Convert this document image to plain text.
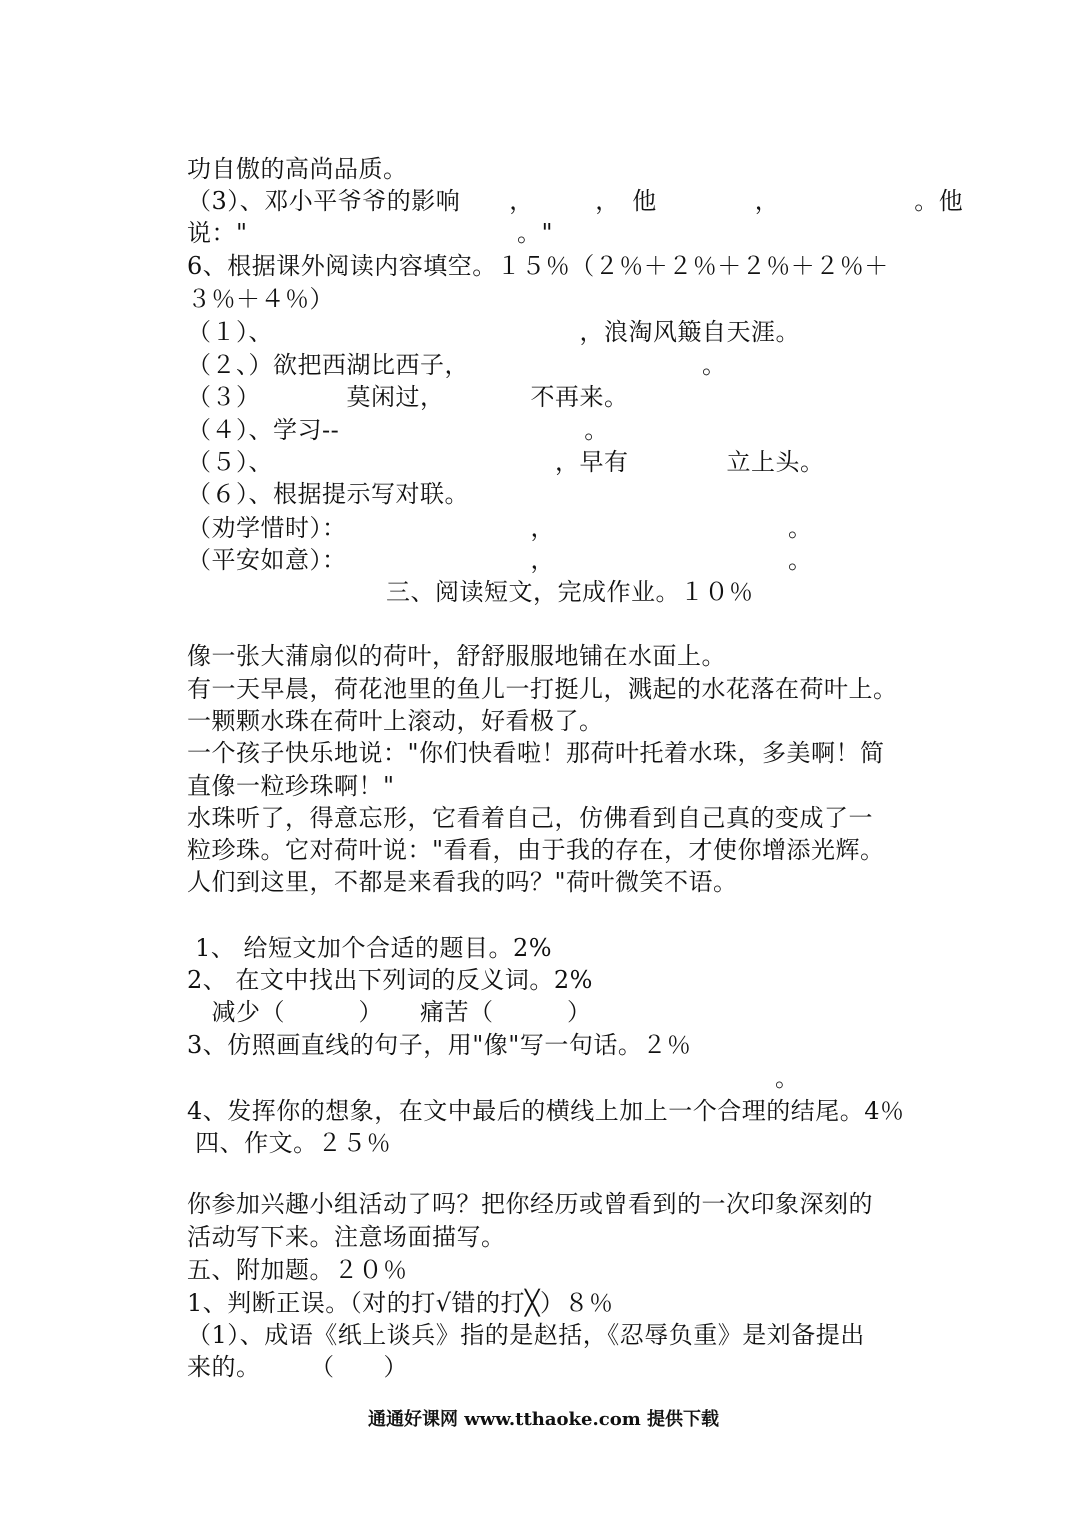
功自傲的高尚品质。
（3）、邓小平爷爷的影响　　，　　　，　他　　　　，　　　　　　。他
说："　　　　　　　　　　　。"
6、根据课外阅读内容填空。１５％（２％＋２％＋２％＋２％＋
３％＋４％）
（１）、　　　　　　　　　　　　　，浪淘风簸自天涯。
（２、）欲把西湖比西子，　　　　　　　　　　。
（３）　　　　莫闲过，　　　　不再来。
（４）、学习--　　　　　　　　　　。
（５）、　　　　　　　　　　　　，早有　　　　立上头。
（６）、根据提示写对联。
（劝学惜时）：　　　　　　　　，　　　　　　　　　　。
（平安如意）：　　　　　　　　，　　　　　　　　　　。
三、阅读短文，完成作业。１０％
像一张大蒲扇似的荷叶，舒舒服服地铺在水面上。
有一天早晨，荷花池里的鱼儿一打挺儿，溅起的水花落在荷叶上。
一颗颗水珠在荷叶上滚动，好看极了。
一个孩子快乐地说："你们快看啦！那荷叶托着水珠，多美啊！简
直像一粒珍珠啊！"
水珠听了，得意忘形，它看着自己，仿佛看到自己真的变成了一
粒珍珠。它对荷叶说："看看，由于我的存在，才使你增添光辉。
人们到这里，不都是来看我的吗？"荷叶微笑不语。
1、 给短文加个合适的题目。2%
2、 在文中找出下列词的反义词。2%
　减少（　　　）　　痛苦（　　　）
3、仿照画直线的句子，用"像"写一句话。２％
　　　　　　　　　　　　　　　　　　　　　　　　。
4、发挥你的想象，在文中最后的横线上加上一个合理的结尾。4％
四、作文。２５％
你参加兴趣小组活动了吗？把你经历或曾看到的一次印象深刻的
活动写下来。注意场面描写。
五、附加题。２０％
1、判断正误。（对的打√错的打╳）８％
（1）、成语《纸上谈兵》指的是赵括，《忍辱负重》是刘备提出
来的。　　　（　　）
通通好课网 www.tthaoke.com 提供下载
